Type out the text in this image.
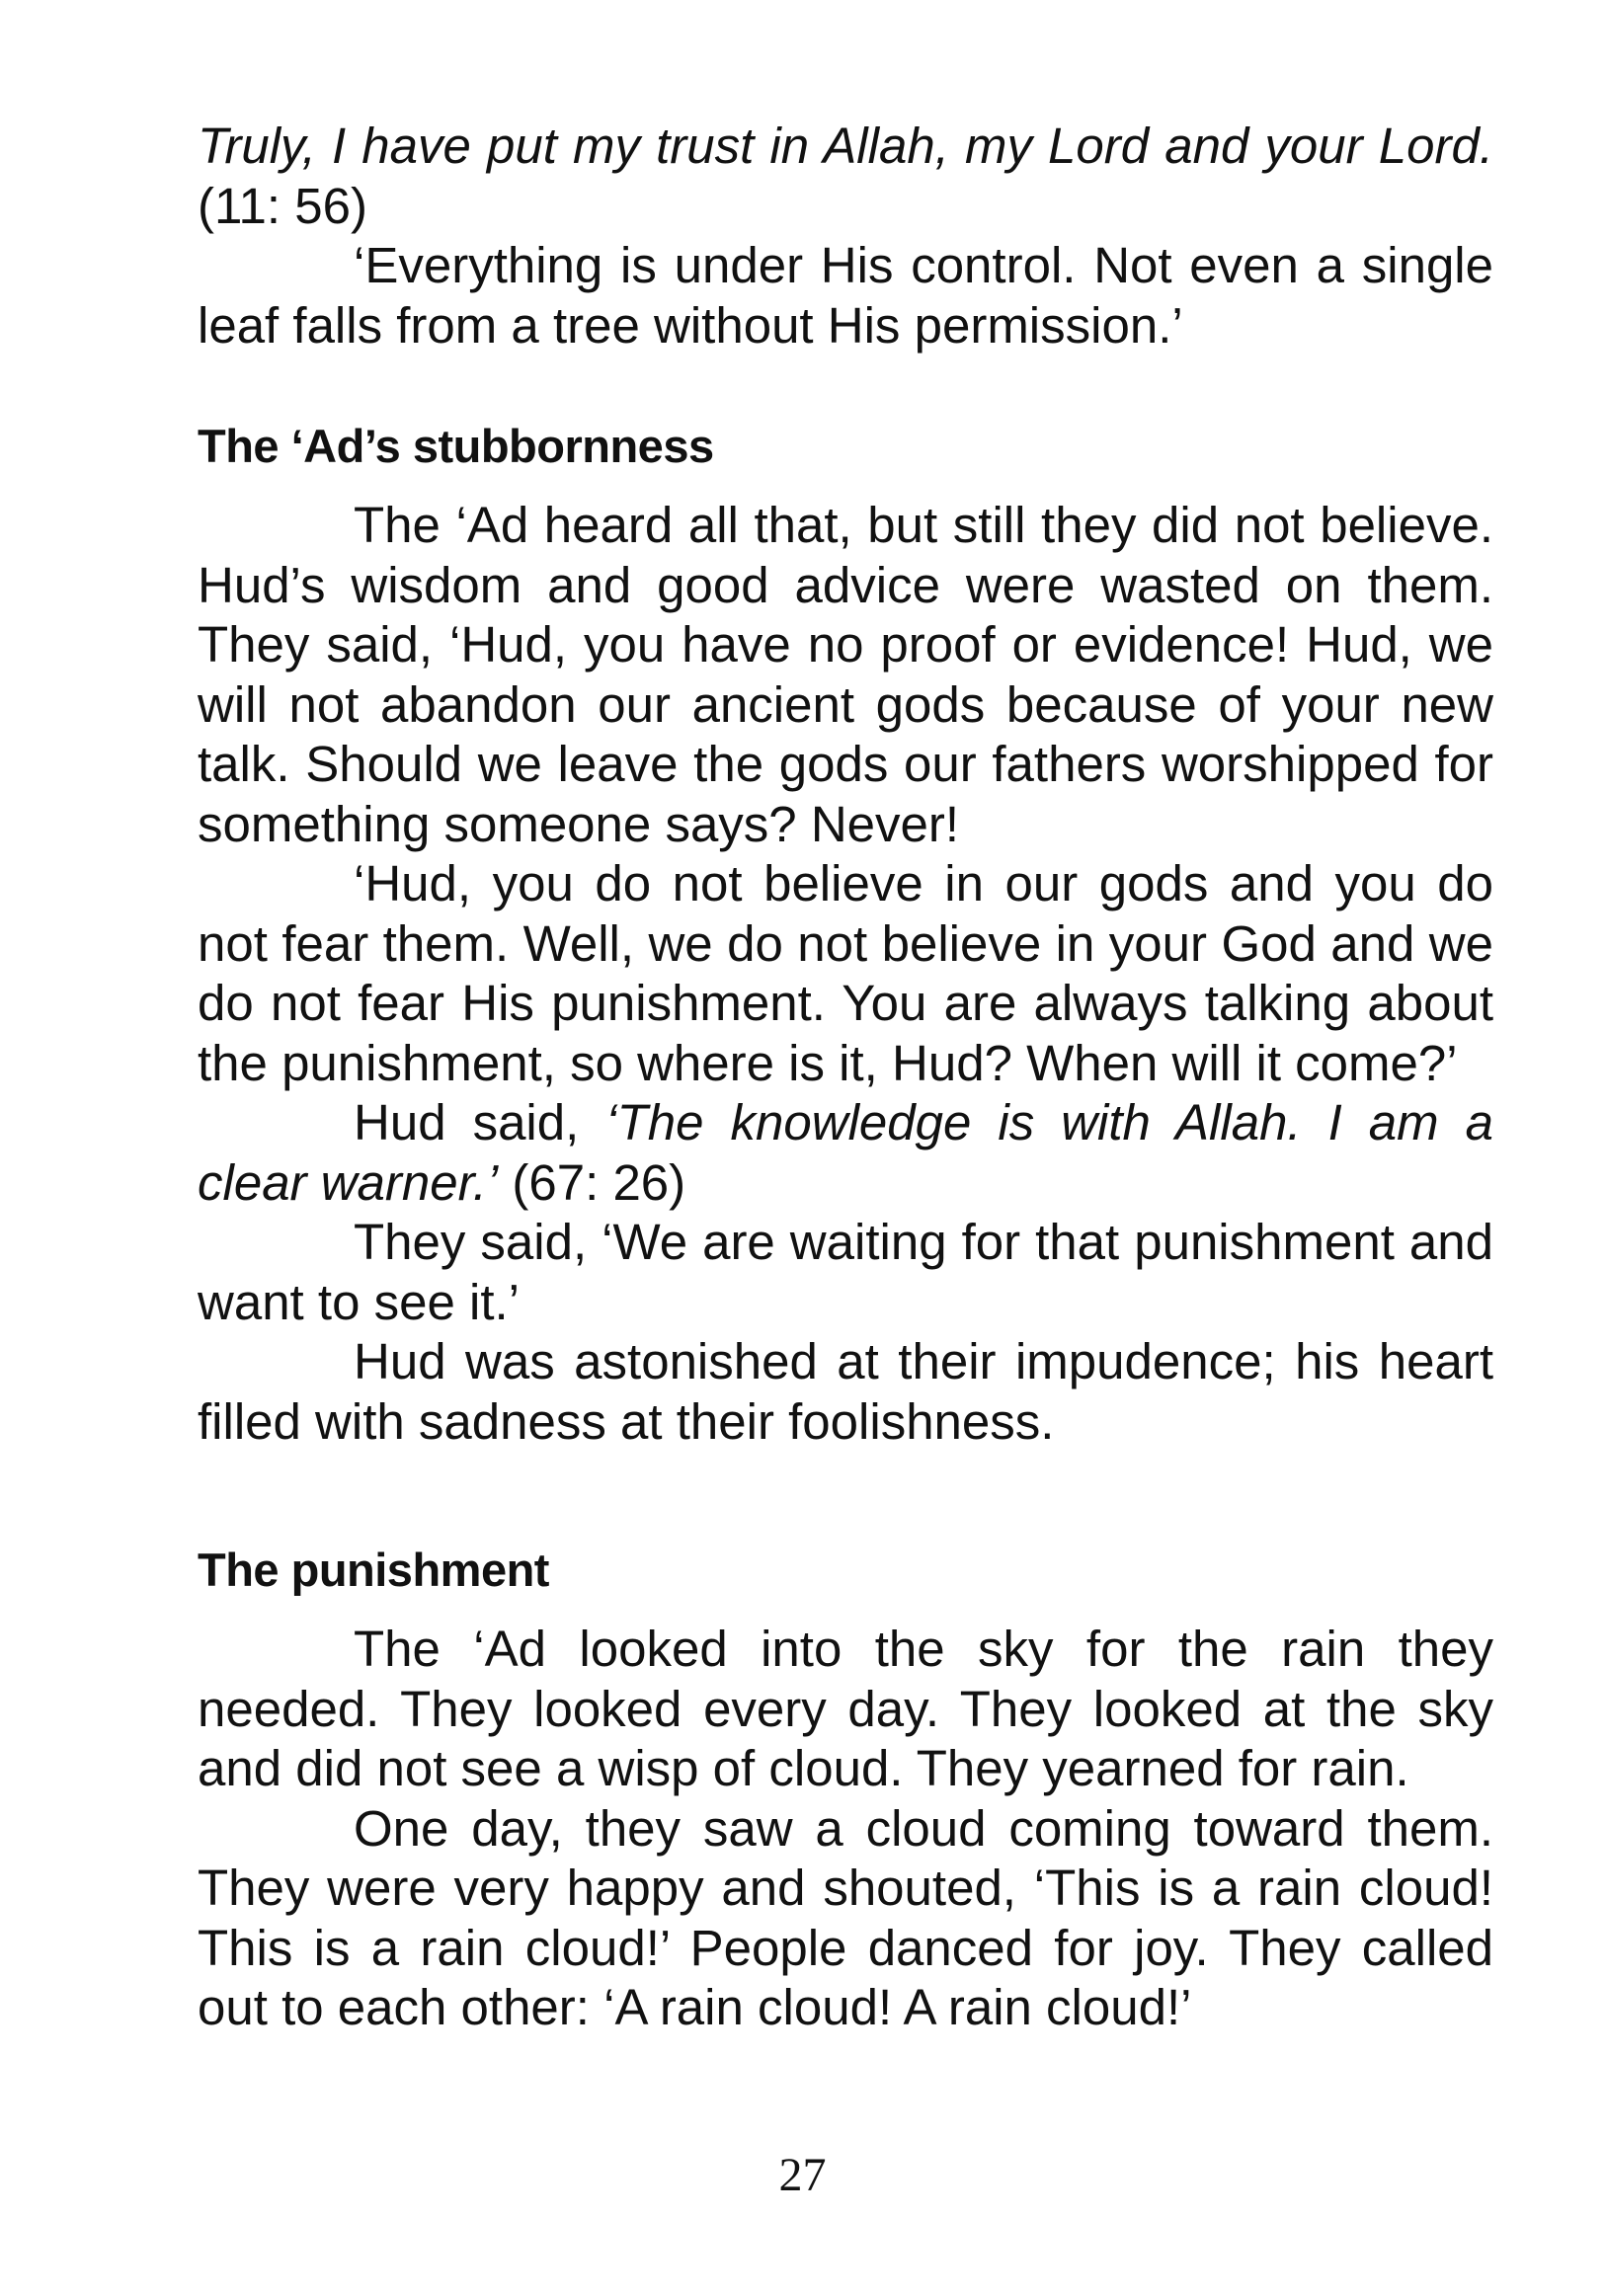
Truly, I have put my trust in Allah, my Lord and your Lord. (11: 56)

‘Everything is under His control. Not even a single leaf falls from a tree without His permission.’

The ‘Ad’s stubbornness

The ‘Ad heard all that, but still they did not believe. Hud’s wisdom and good advice were wasted on them. They said, ‘Hud, you have no proof or evidence! Hud, we will not abandon our ancient gods because of your new talk. Should we leave the gods our fathers worshipped for something someone says? Never!

‘Hud, you do not believe in our gods and you do not fear them. Well, we do not believe in your God and we do not fear His punishment. You are always talking about the punishment, so where is it, Hud? When will it come?’

Hud said, ‘The knowledge is with Allah. I am a clear warner.’ (67: 26)

They said, ‘We are waiting for that punishment and want to see it.’

Hud was astonished at their impudence; his heart filled with sadness at their foolishness.

The punishment

The ‘Ad looked into the sky for the rain they needed. They looked every day. They looked at the sky and did not see a wisp of cloud. They yearned for rain.

One day, they saw a cloud coming toward them. They were very happy and shouted, ‘This is a rain cloud! This is a rain cloud!’ People danced for joy. They called out to each other: ‘A rain cloud! A rain cloud!’

27
